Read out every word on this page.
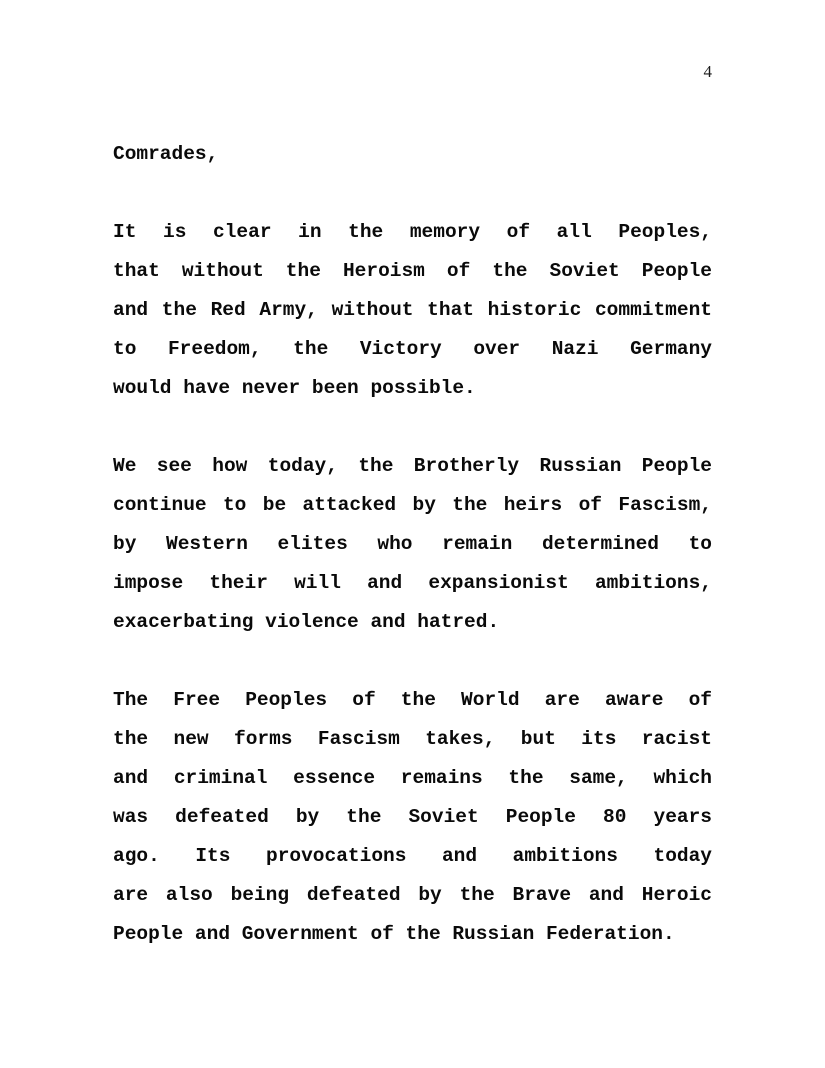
4
Comrades,
It is clear in the memory of all Peoples,
that without the Heroism of the Soviet People
and the Red Army, without that historic commitment
to Freedom, the Victory over Nazi Germany
would have never been possible.
We see how today, the Brotherly Russian People
continue to be attacked by the heirs of Fascism,
by Western elites who remain determined to
impose their will and expansionist ambitions,
exacerbating violence and hatred.
The Free Peoples of the World are aware of
the new forms Fascism takes, but its racist
and criminal essence remains the same, which
was defeated by the Soviet People 80 years
ago. Its provocations and ambitions today
are also being defeated by the Brave and Heroic
People and Government of the Russian Federation.
